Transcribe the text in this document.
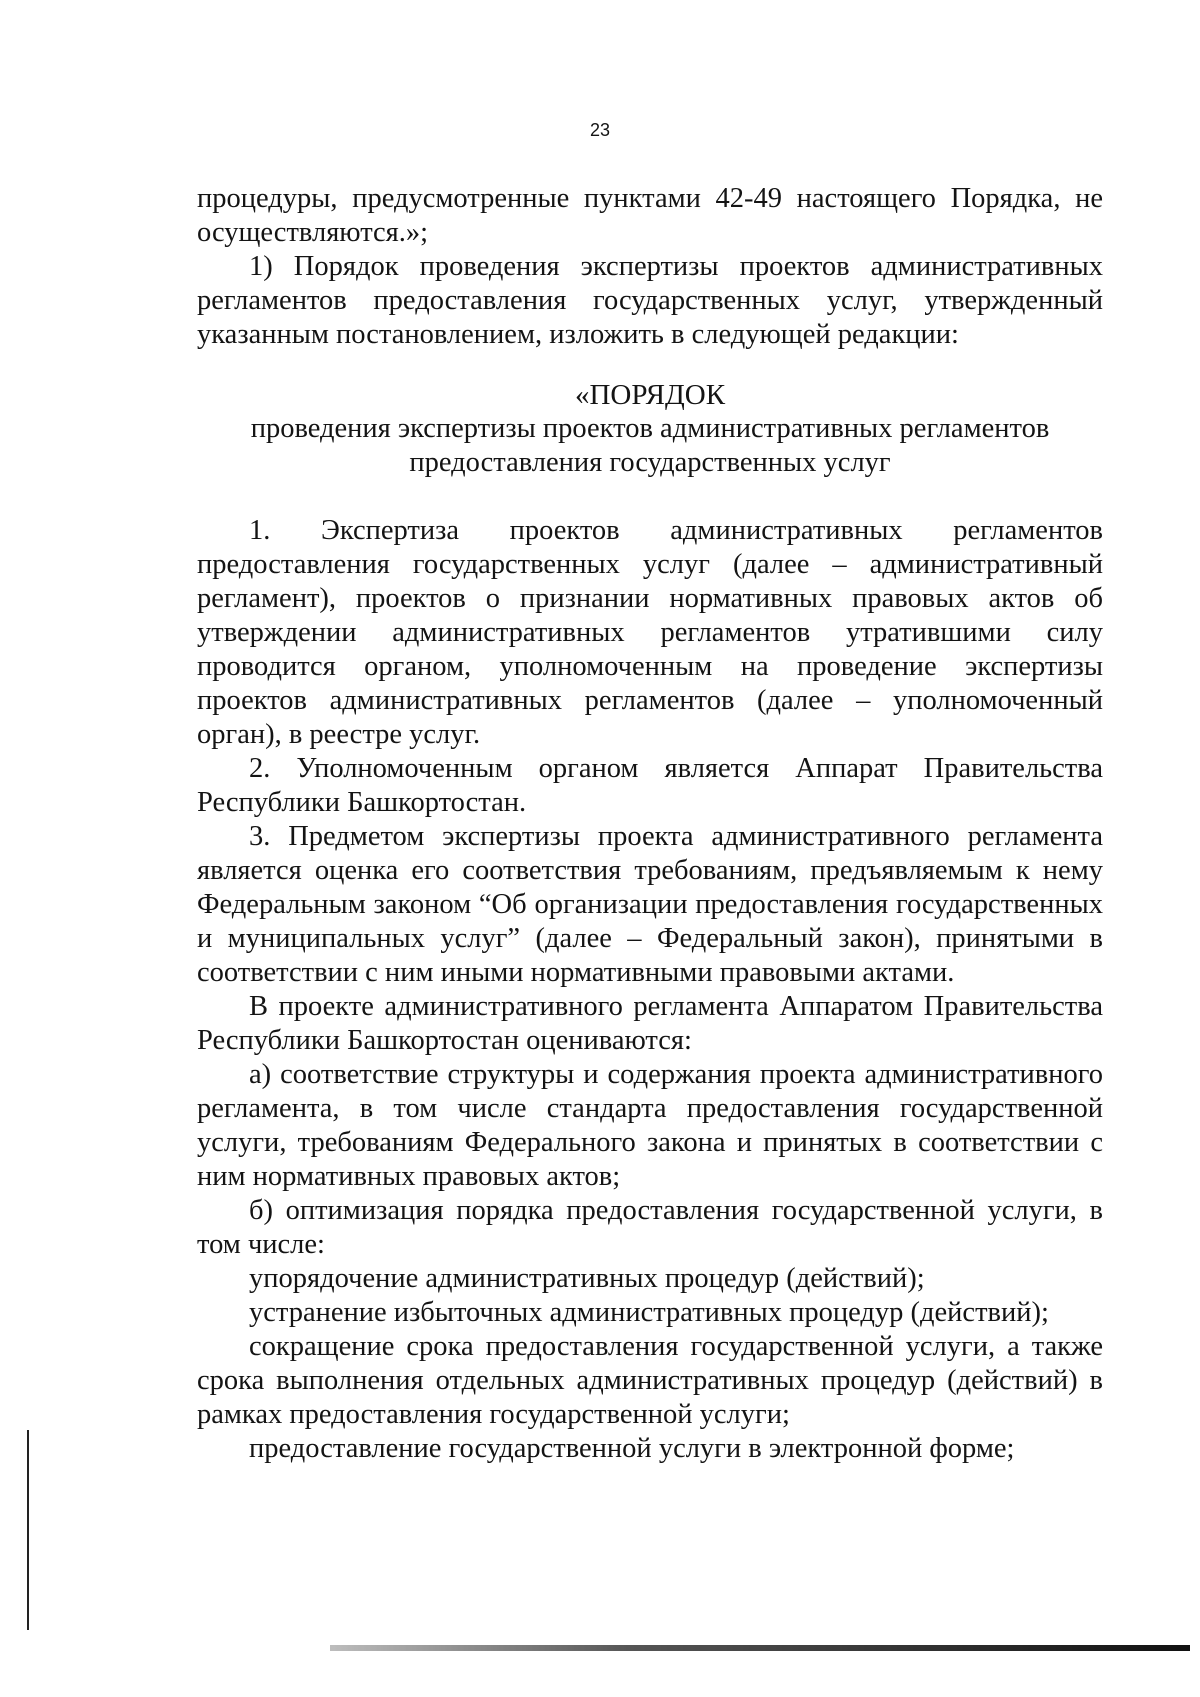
23

процедуры, предусмотренные пунктами 42-49 настоящего Порядка, не осуществляются.»;

1) Порядок проведения экспертизы проектов административных регламентов предоставления государственных услуг, утвержденный указанным постановлением, изложить в следующей редакции:

«ПОРЯДОК
проведения экспертизы проектов административных регламентов
предоставления государственных услуг

1. Экспертиза проектов административных регламентов предоставления государственных услуг (далее – административный регламент), проектов о признании нормативных правовых актов об утверждении административных регламентов утратившими силу проводится органом, уполномоченным на проведение экспертизы проектов административных регламентов (далее – уполномоченный орган), в реестре услуг.

2. Уполномоченным органом является Аппарат Правительства Республики Башкортостан.

3. Предметом экспертизы проекта административного регламента является оценка его соответствия требованиям, предъявляемым к нему Федеральным законом “Об организации предоставления государственных и муниципальных услуг” (далее – Федеральный закон), принятыми в соответствии с ним иными нормативными правовыми актами.

В проекте административного регламента Аппаратом Правительства Республики Башкортостан оцениваются:

а) соответствие структуры и содержания проекта административного регламента, в том числе стандарта предоставления государственной услуги, требованиям Федерального закона и принятых в соответствии с ним нормативных правовых актов;

б) оптимизация порядка предоставления государственной услуги, в том числе:

упорядочение административных процедур (действий);

устранение избыточных административных процедур (действий);

сокращение срока предоставления государственной услуги, а также срока выполнения отдельных административных процедур (действий) в рамках предоставления государственной услуги;

предоставление государственной услуги в электронной форме;
